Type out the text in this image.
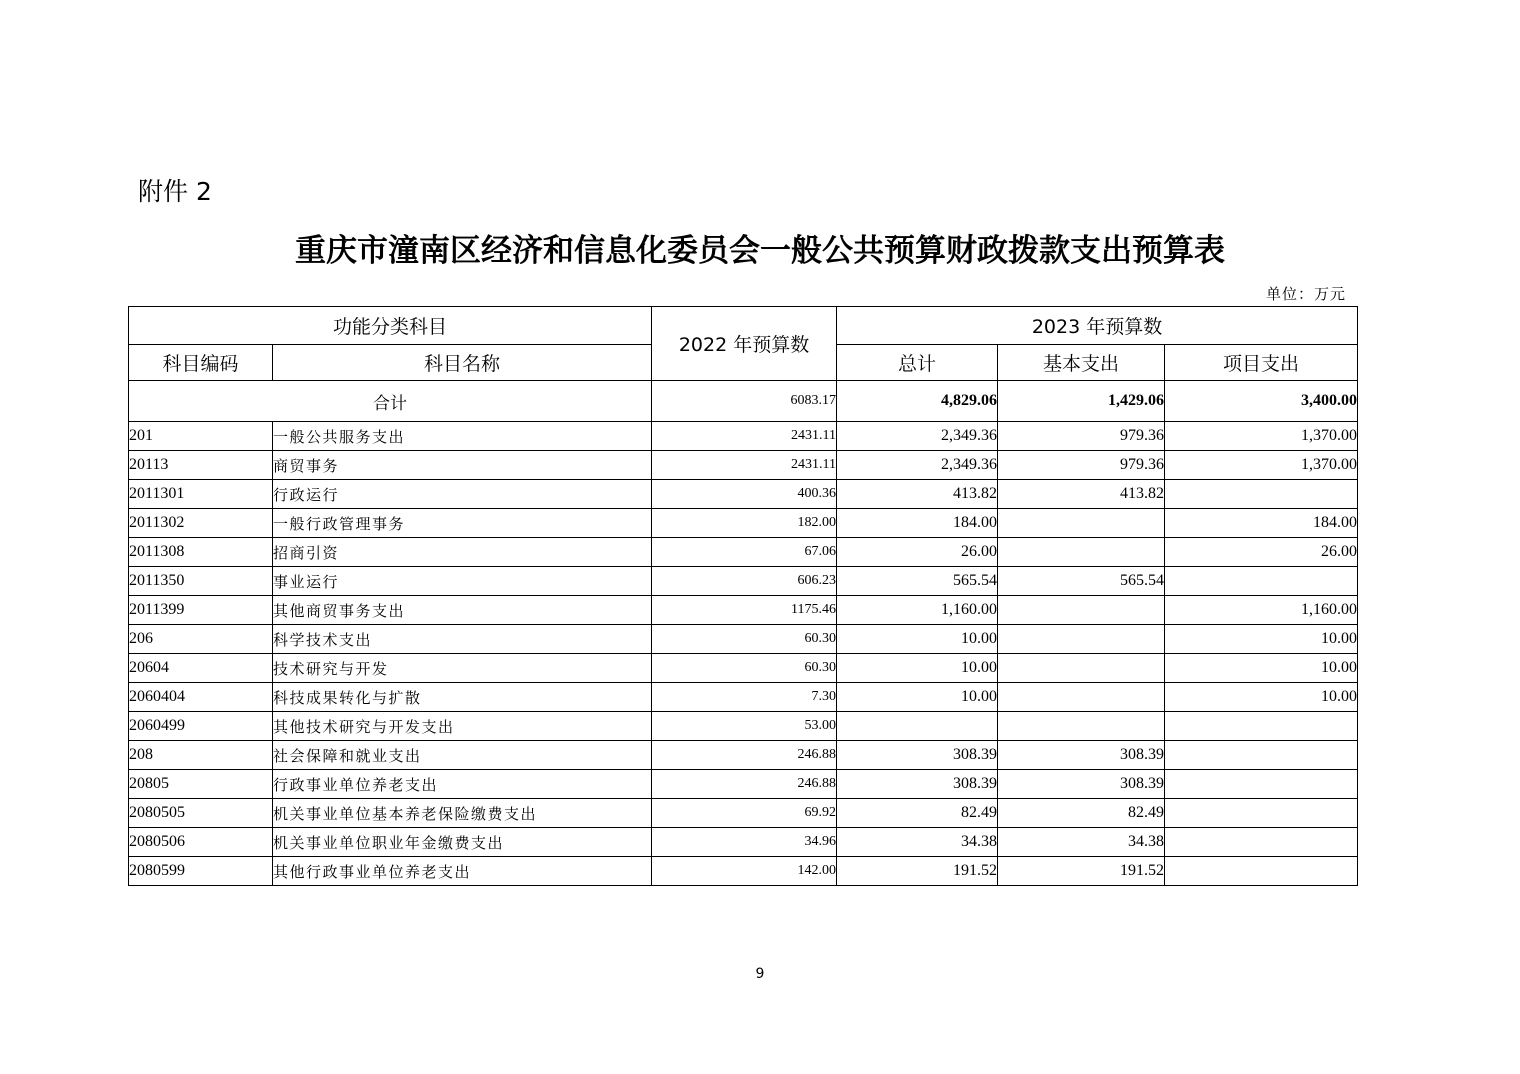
附件 2
重庆市潼南区经济和信息化委员会一般公共预算财政拨款支出预算表
单位：万元
功能分类科目		2022 年预算数	2023 年预算数		
科目编码	科目名称		总计	基本支出	项目支出
合计		6083.17	4,829.06	1,429.06	3,400.00
201	一般公共服务支出	2431.11	2,349.36	979.36	1,370.00
20113	商贸事务	2431.11	2,349.36	979.36	1,370.00
2011301	行政运行	400.36	413.82	413.82	
2011302	一般行政管理事务	182.00	184.00		184.00
2011308	招商引资	67.06	26.00		26.00
2011350	事业运行	606.23	565.54	565.54	
2011399	其他商贸事务支出	1175.46	1,160.00		1,160.00
206	科学技术支出	60.30	10.00		10.00
20604	技术研究与开发	60.30	10.00		10.00
2060404	科技成果转化与扩散	7.30	10.00		10.00
2060499	其他技术研究与开发支出	53.00			
208	社会保障和就业支出	246.88	308.39	308.39	
20805	行政事业单位养老支出	246.88	308.39	308.39	
2080505	机关事业单位基本养老保险缴费支出	69.92	82.49	82.49	
2080506	机关事业单位职业年金缴费支出	34.96	34.38	34.38	
2080599	其他行政事业单位养老支出	142.00	191.52	191.52	
9
